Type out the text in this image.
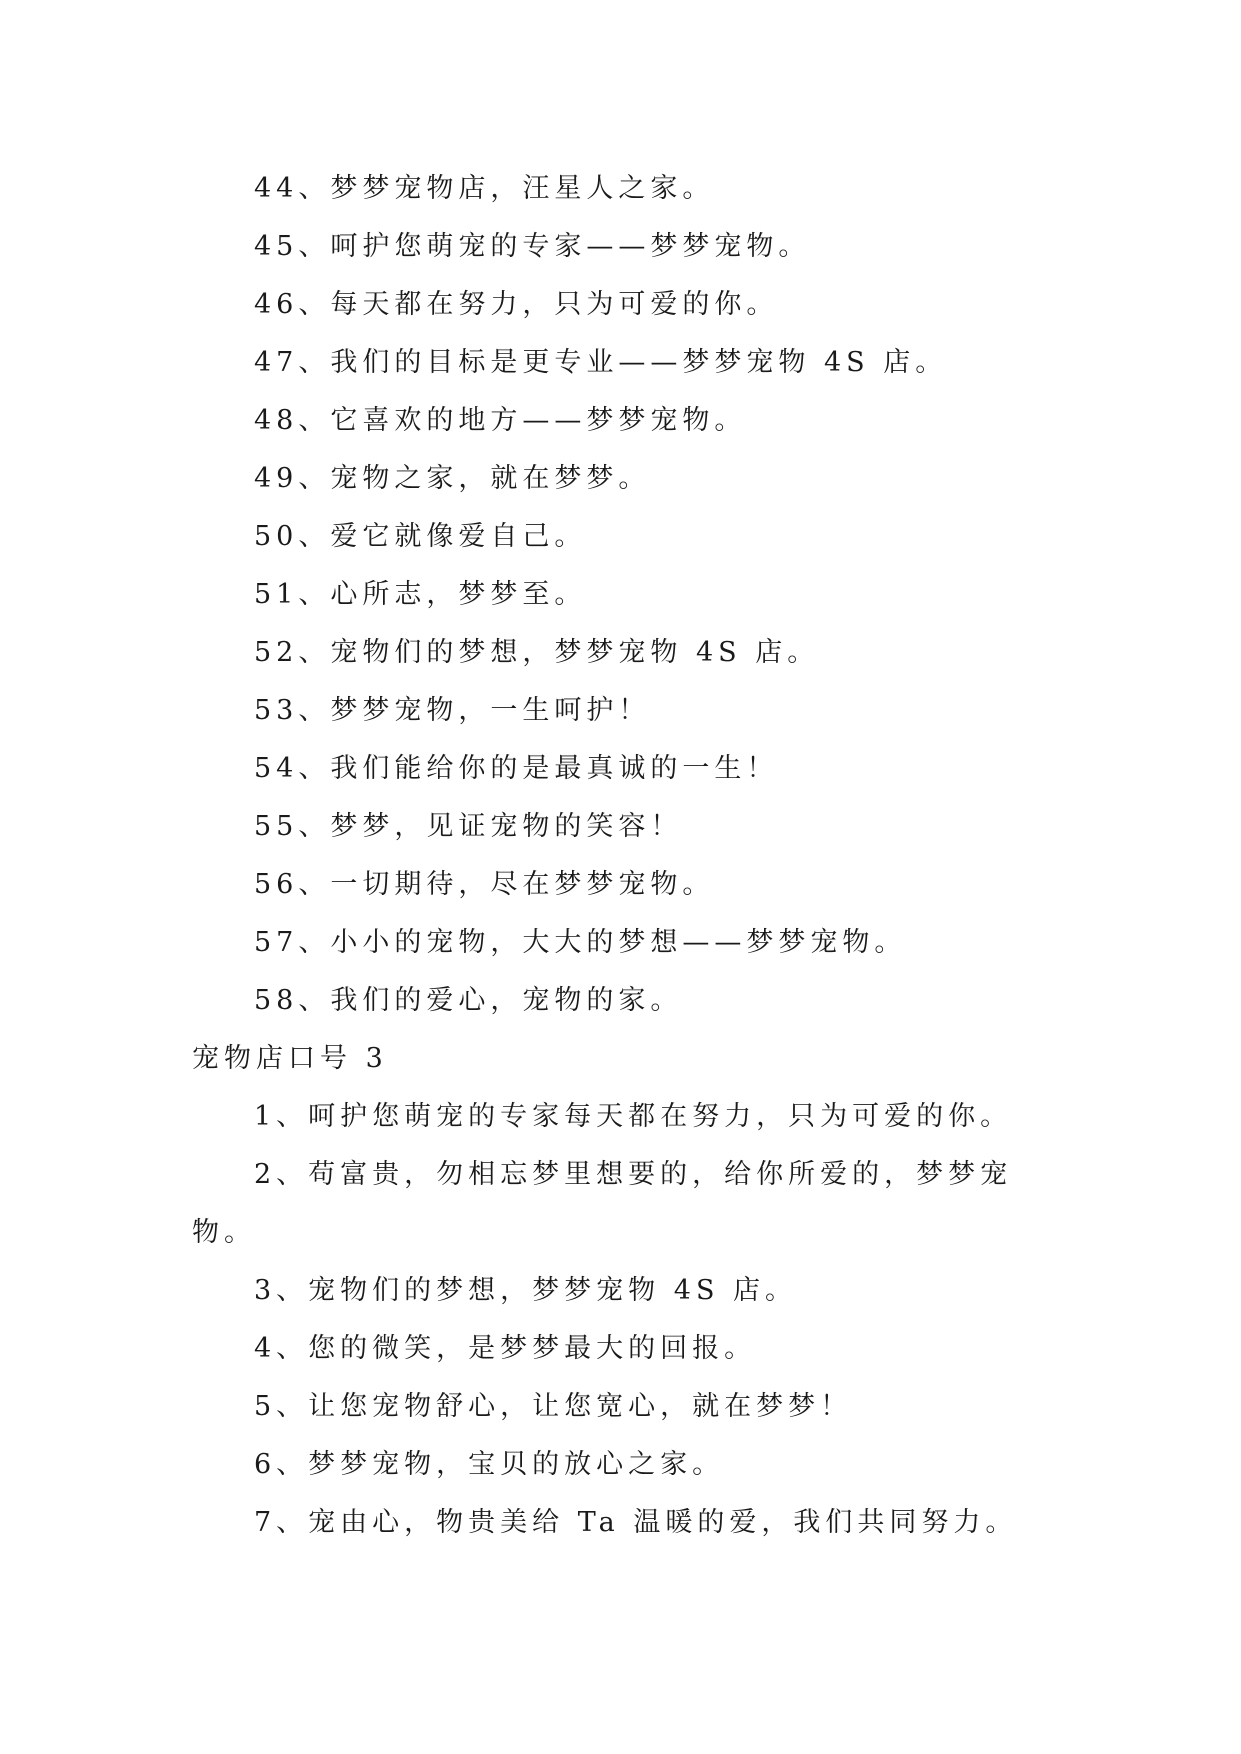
44、梦梦宠物店，汪星人之家。

45、呵护您萌宠的专家——梦梦宠物。

46、每天都在努力，只为可爱的你。

47、我们的目标是更专业——梦梦宠物 4S 店。

48、它喜欢的地方——梦梦宠物。

49、宠物之家，就在梦梦。

50、爱它就像爱自己。

51、心所志，梦梦至。

52、宠物们的梦想，梦梦宠物 4S 店。

53、梦梦宠物，一生呵护！

54、我们能给你的是最真诚的一生！

55、梦梦，见证宠物的笑容！

56、一切期待，尽在梦梦宠物。

57、小小的宠物，大大的梦想——梦梦宠物。

58、我们的爱心，宠物的家。

宠物店口号 3

1、呵护您萌宠的专家每天都在努力，只为可爱的你。

2、苟富贵，勿相忘梦里想要的，给你所爱的，梦梦宠物。

3、宠物们的梦想，梦梦宠物 4S 店。

4、您的微笑，是梦梦最大的回报。

5、让您宠物舒心，让您宽心，就在梦梦！

6、梦梦宠物，宝贝的放心之家。

7、宠由心，物贵美给 Ta 温暖的爱，我们共同努力。
